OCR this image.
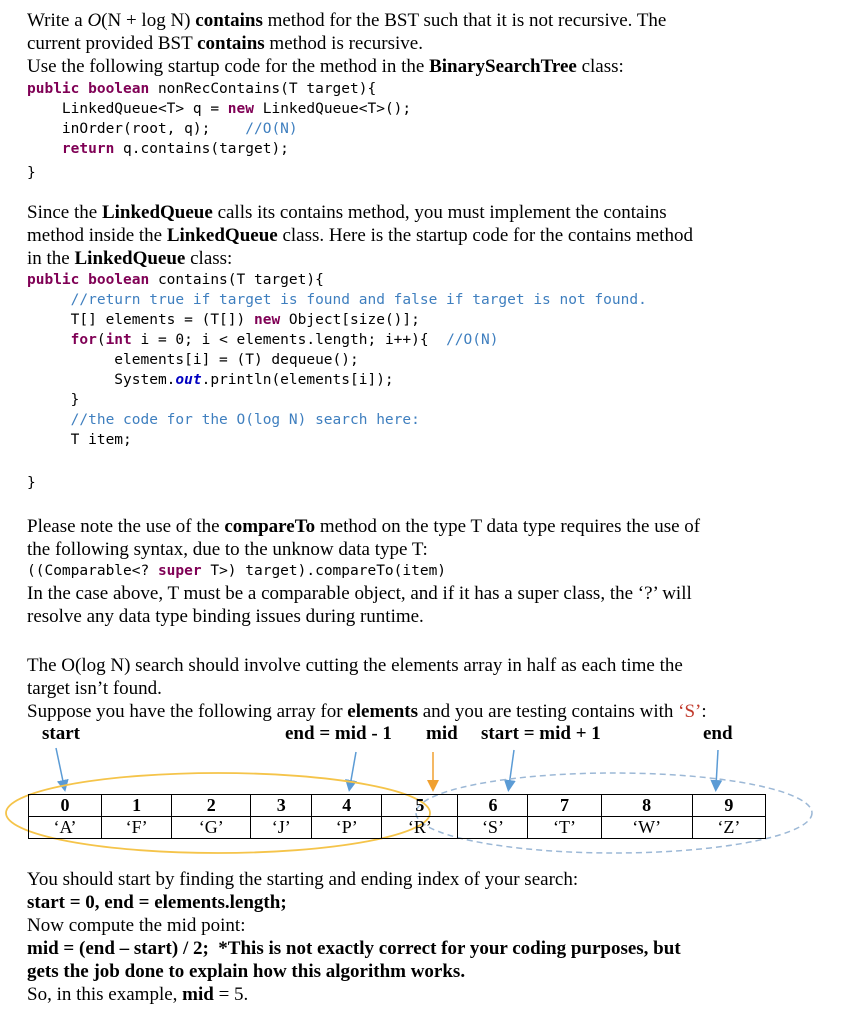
Write a O(N + log N) contains method for the BST such that it is not recursive. The
current provided BST contains method is recursive.
Use the following startup code for the method in the BinarySearchTree class:
public boolean nonRecContains(T target){
LinkedQueue<T> q = new LinkedQueue<T>();
inOrder(root, q);    //O(N)
return q.contains(target);
}
Since the LinkedQueue calls its contains method, you must implement the contains
method inside the LinkedQueue class. Here is the startup code for the contains method
in the LinkedQueue class:
public boolean contains(T target){
//return true if target is found and false if target is not found.
T[] elements = (T[]) new Object[size()];
for(int i = 0; i < elements.length; i++){  //O(N)
elements[i] = (T) dequeue();
System.out.println(elements[i]);
}
//the code for the O(log N) search here:
T item;
}
Please note the use of the compareTo method on the type T data type requires the use of
the following syntax, due to the unknow data type T:
((Comparable<? super T>) target).compareTo(item)
In the case above, T must be a comparable object, and if it has a super class, the ‘?’ will
resolve any data type binding issues during runtime.
The O(log N) search should involve cutting the elements array in half as each time the
target isn’t found.
Suppose you have the following array for elements and you are testing contains with ‘S’:
start	end = mid - 1 mid start = mid + 1	end
0	1	2	3	4	5	6	7	8	9
‘A’	‘F’	‘G’	‘J’	‘P’	‘R’	‘S’	‘T’	‘W’	‘Z’
You should start by finding the starting and ending index of your search:
start = 0, end = elements.length;
Now compute the mid point:
mid = (end – start) / 2;  *This is not exactly correct for your coding purposes, but
gets the job done to explain how this algorithm works.
So, in this example, mid = 5.
